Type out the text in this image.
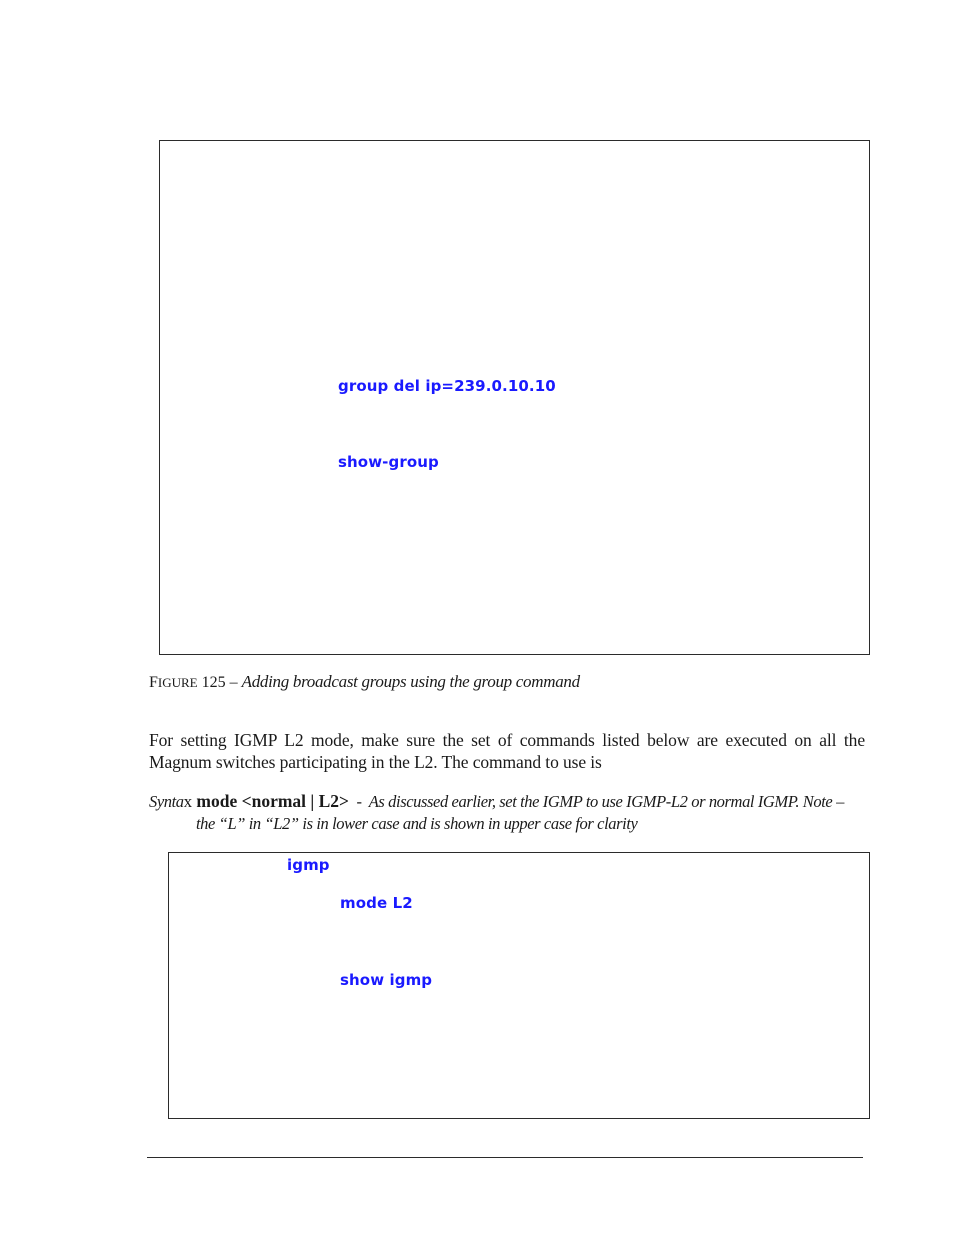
group del ip=239.0.10.10
show-group
FIGURE 125 – Adding broadcast groups using the group command
For setting IGMP L2 mode, make sure the set of commands listed below are executed on all the Magnum switches participating in the L2. The command to use is
Syntax mode <normal | L2>  -  As discussed earlier, set the IGMP to use IGMP-L2 or normal IGMP. Note –
the “L” in “L2” is in lower case and is shown in upper case for clarity
igmp
mode L2
show igmp
